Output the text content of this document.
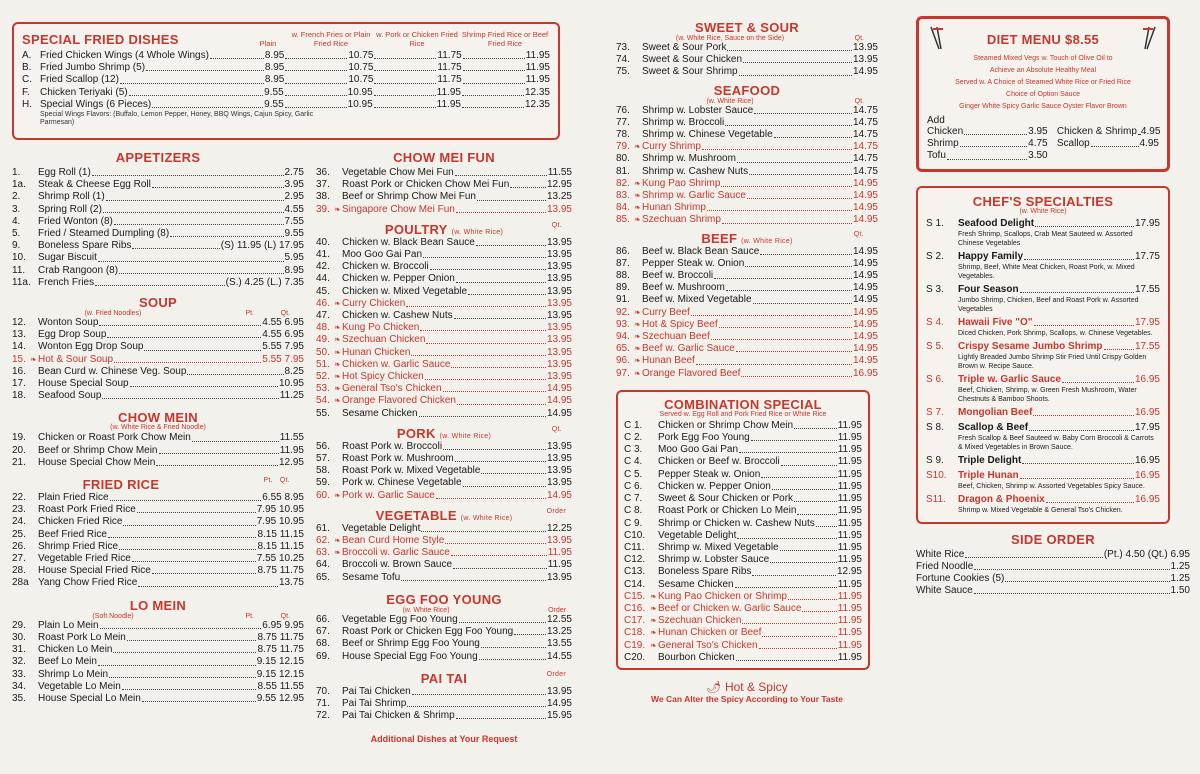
SPECIAL FRIED DISHES	Plain
w. French Fries or Plain Fried Rice
w. Pork or Chicken Fried Rice
Shrimp Fried Rice or Beef Fried Rice
A. Fried Chicken Wings (4 Whole Wings)	8.95	10.75	11.75	11.95
B. Fried Jumbo Shrimp (5)	8.95	10.75	11.75	11.95
C. Fried Scallop (12)	8.95	10.75	11.75	11.95
F.	Chicken Teriyaki (5)	9.55	10.95	11.95	12.35
H. Special Wings (6 Pieces)	9.55	10.95	11.95	12.35
Special Wings Flavors: (Buffalo, Lemon Pepper, Honey, BBQ Wings, Cajun Spicy, Garlic Parmesan)
APPETIZERS
1.	Egg Roll (1)	2.75
1a.	Steak & Cheese Egg Roll	3.95
2.	Shrimp Roll (1)	2.95
3.	Spring Roll (2)	4.55
4.	Fried Wonton (8)	7.55
5.	Fried / Steamed Dumpling (8)	9.55
9.	Boneless Spare Ribs	(S) 11.95 (L) 17.95
10.	Sugar Biscuit	5.95
11.	Crab Rangoon (8)	8.95
11a. French Fries	(S.) 4.25 (L.) 7.35
SOUP
(w. Fried Noodles)	Pt.	Qt.
12.	Wonton Soup	4.55 6.95
13.	Egg Drop Soup	4.55 6.95
14.	Wonton Egg Drop Soup	5.55 7.95
15. ❧ Hot & Sour Soup	5.55 7.95
16.	Bean Curd w. Chinese Veg. Soup	8.25
17.	House Special Soup	10.95
18.	Seafood Soup	11.25
CHOW MEIN
(w. White Rice & Fried Noodle)
19.	Chicken or Roast Pork Chow Mein	11.55
20.	Beef or Shrimp Chow Mein	11.95
21.	House Special Chow Mein	12.95
FRIED RICE	Pt. Qt.
22.	Plain Fried Rice	6.55 8.95
23.	Roast Pork Fried Rice	7.95 10.95
24.	Chicken Fried Rice	7.95 10.95
25.	Beef Fried Rice	8.15 11.15
26.	Shrimp Fried Rice	8.15 11.15
27.	Vegetable Fried Rice	7.55 10.25
28.	House Special Fried Rice	8.75 11.75
28a Yang Chow Fried Rice	13.75
LO MEIN
(Soft Noodle)	Pt.	Qt.
29.	Plain Lo Mein	6.95 9.95
30.	Roast Pork Lo Mein	8.75 11.75
31.	Chicken Lo Mein	8.75 11.75
32.	Beef Lo Mein	9.15 12.15
33.	Shrimp Lo Mein	9.15 12.15
34.	Vegetable Lo Mein	8.55 11.55
35.	House Special Lo Mein	9.55 12.95
CHOW MEI FUN
36.	Vegetable Chow Mei Fun	11.55
37.	Roast Pork or Chicken Chow Mei Fun	12.95
38.	Beef or Shrimp Chow Mei Fun	13.25
39. ❧ Singapore Chow Mei Fun	13.95
POULTRY
(w. White Rice)
Qt.
40.	Chicken w. Black Bean Sauce	13.95
41.	Moo Goo Gai Pan	13.95
42.	Chicken w. Broccoli	13.95
44.	Chicken w. Pepper Onion	13.95
45.	Chicken w. Mixed Vegetable	13.95
46. ❧ Curry Chicken	13.95
47.	Chicken w. Cashew Nuts	13.95
48. ❧ Kung Po Chicken	13.95
49. ❧ Szechuan Chicken	13.95
50. ❧ Hunan Chicken	13.95
51. ❧ Chicken w. Garlic Sauce	13.95
52. ❧ Hot Spicy Chicken	13.95
53. ❧ General Tso's Chicken	14.95
54. ❧ Orange Flavored Chicken	14.95
55.	Sesame Chicken	14.95
PORK
(w. White Rice)
Qt.
56.	Roast Pork w. Broccoli	13.95
57.	Roast Pork w. Mushroom	13.95
58.	Roast Pork w. Mixed Vegetable	13.95
59.	Pork w. Chinese Vegetable	13.95
60. ❧ Pork w. Garlic Sauce	14.95
VEGETABLE
(w. White Rice)
Order
61.	Vegetable Delight	12.25
62. ❧ Bean Curd Home Style	13.95
63. ❧ Broccoli w. Garlic Sauce	11.95
64.	Broccoli w. Brown Sauce	11.95
65.	Sesame Tofu	13.95
EGG FOO YOUNG
(w. White Rice)	Order
66.	Vegetable Egg Foo Young	12.55
67.	Roast Pork or Chicken Egg Foo Young	13.25
68.	Beef or Shrimp Egg Foo Young	13.55
69.	House Special Egg Foo Young	14.55
PAI TAI	Order
70.	Pai Tai Chicken	13.95
71.	Pai Tai Shrimp	14.95
72.	Pai Tai Chicken & Shrimp	15.95
Additional Dishes at Your Request
SWEET & SOUR
(w. White Rice, Sauce on the Side)	Qt.
73.	Sweet & Sour Pork	13.95
74.	Sweet & Sour Chicken	13.95
75.	Sweet & Sour Shrimp	14.95
SEAFOOD
(w. White Rice)	Qt.
76.	Shrimp w. Lobster Sauce	14.75
77.	Shrimp w. Broccoli	14.75
78.	Shrimp w. Chinese Vegetable	14.75
79. ❧ Curry Shrimp	14.75
80.	Shrimp w. Mushroom	14.75
81.	Shrimp w. Cashew Nuts	14.75
82. ❧ Kung Pao Shrimp	14.95
83. ❧ Shrimp w. Garlic Sauce	14.95
84. ❧ Hunan Shrimp	14.95
85. ❧ Szechuan Shrimp	14.95
BEEF
(w. White Rice)
Qt.
86.	Beef w. Black Bean Sauce	14.95
87.	Pepper Steak w. Onion	14.95
88.	Beef w. Broccoli	14.95
89.	Beef w. Mushroom	14.95
91.	Beef w. Mixed Vegetable	14.95
92. ❧ Curry Beef	14.95
93. ❧ Hot & Spicy Beef	14.95
94. ❧ Szechuan Beef	14.95
65. ❧ Beef w. Garlic Sauce	14.95
96. ❧ Hunan Beef	14.95
97. ❧ Orange Flavored Beef	16.95
COMBINATION SPECIAL
Served w. Egg Roll and Pork Fried Rice or White Rice
C 1.	Chicken or Shrimp Chow Mein	11.95
C 2.	Pork Egg Foo Young	11.95
C 3.	Moo Goo Gai Pan	11.95
C 4.	Chicken or Beef w. Broccoli	11.95
C 5.	Pepper Steak w. Onion	11.95
C 6.	Chicken w. Pepper Onion	11.95
C 7.	Sweet & Sour Chicken or Pork	11.95
C 8.	Roast Pork or Chicken Lo Mein	11.95
C 9.	Shrimp or Chicken w. Cashew Nuts 11.95
C10.	Vegetable Delight	11.95
C11.	Shrimp w. Mixed Vegetable	11.95
C12.	Shrimp w. Lobster Sauce	11.95
C13.	Boneless Spare Ribs	12.95
C14.	Sesame Chicken	11.95
C15. ❧ Kung Pao Chicken or Shrimp	11.95
C16. ❧ Beef or Chicken w. Garlic Sauce	11.95
C17. ❧ Szechuan Chicken	11.95
C18. ❧ Hunan Chicken or Beef	11.95
C19. ❧ General Tso's Chicken	11.95
C20.	Bourbon Chicken	11.95
🌶︎ Hot & Spicy
We Can Alter the Spicy According to Your Taste
DIET MENU $8.55
Steamed Mixed Vegs w. Touch of Olive Oil to
Achieve an Absolute Healthy Meal
Served w. A Choice of Steamed White Rice or Fried Rice
Choice of Option Sauce
Ginger White Spicy Garlic Sauce Oyster Flavor Brown
Add
Chicken	3.95 Chicken & Shrimp 4.95
Shrimp	4.75 Scallop	4.95
Tofu	3.50
CHEF'S SPECIALTIES
(w. White Rice)
S 1.	Seafood Delight	17.95
Fresh Shrimp, Scallops, Crab Meat Sauteed w. Assorted Chinese Vegetables
S 2.	Happy Family	17.75
Shrimp, Beef, White Meat Chicken, Roast Pork, w. Mixed Vegetables.
S 3.	Four Season	17.55
Jumbo Shrimp, Chicken, Beef and Roast Pork w. Assorted Vegetables
S 4.	Hawaii Five "O"	17.95
Diced Chicken, Pork Shrimp, Scallops, w. Chinese Vegetables.
S 5.	Crispy Sesame Jumbo Shrimp	17.55
Lightly Breaded Jumbo Shrimp Stir Fried Until Crispy Golden Brown w. Recipe Sauce.
S 6.	Triple w. Garlic Sauce	16.95
Beef, Chicken, Shrimp, w. Green Fresh Mushroom, Water Chestnuts & Bamboo Shoots.
S 7.	Mongolian Beef	16.95
S 8.	Scallop & Beef	17.95
Fresh Scallop & Beef Sauteed w. Baby Corn Broccoli & Carrots & Mixed Vegetables in Brown Sauce.
S 9.	Triple Delight	16.95
S10.	Triple Hunan	16.95
Beef, Chicken, Shrimp w. Assorted Vegetables Spicy Sauce.
S11.	Dragon & Phoenix	16.95
Shrimp w. Mixed Vegetable & General Tso's Chicken.
SIDE ORDER
White Rice	(Pt.) 4.50 (Qt.) 6.95
Fried Noodle	1.25
Fortune Cookies (5)	1.25
White Sauce	1.50
